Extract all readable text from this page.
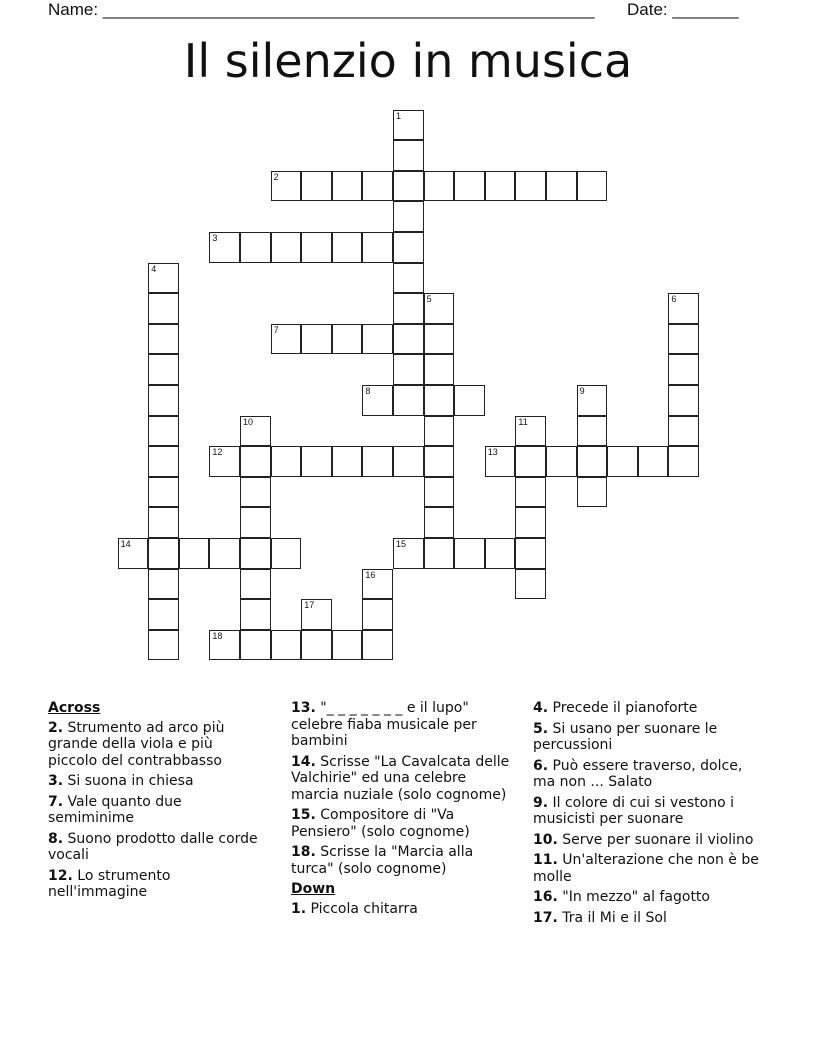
Name: ____________________________________________________ Date: _______
Il silenzio in musica
1
2
3
4
5	6
7
8	9
10	11
12	13
14	15
16
17
18
Across
2. Strumento ad arco più grande della viola e più piccolo del contrabbasso
3. Si suona in chiesa
7. Vale quanto due semiminime
8. Suono prodotto dalle corde vocali
12. Lo strumento nell'immagine
13. "_ _ _ _ _ _ _ e il lupo" celebre fiaba musicale per bambini
14. Scrisse "La Cavalcata delle Valchirie" ed una celebre marcia nuziale (solo cognome)
15. Compositore di "Va Pensiero" (solo cognome)
18. Scrisse la "Marcia alla turca" (solo cognome)
Down
1. Piccola chitarra
4. Precede il pianoforte
5. Si usano per suonare le percussioni
6. Può essere traverso, dolce, ma non ... Salato
9. Il colore di cui si vestono i musicisti per suonare
10. Serve per suonare il violino
11. Un'alterazione che non è be molle
16. "In mezzo" al fagotto
17. Tra il Mi e il Sol
